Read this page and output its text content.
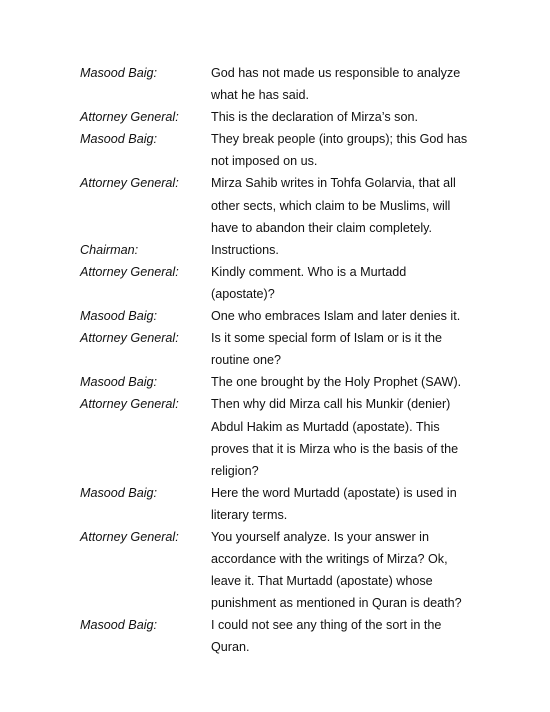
Masood Baig:	God has not made us responsible to analyze
what he has said.
Attorney General:	This is the declaration of Mirza’s son.
Masood Baig:	They break people (into groups); this God has
not imposed on us.
Attorney General:	Mirza Sahib writes in Tohfa Golarvia, that all
other sects, which claim to be Muslims, will
have to abandon their claim completely.
Chairman:	Instructions.
Attorney General:	Kindly comment. Who is a Murtadd
(apostate)?
Masood Baig:	One who embraces Islam and later denies it.
Attorney General:	Is it some special form of Islam or is it the
routine one?
Masood Baig:	The one brought by the Holy Prophet (SAW).
Attorney General:	Then why did Mirza call his Munkir (denier)
Abdul Hakim as Murtadd (apostate). This
proves that it is Mirza who is the basis of the
religion?
Masood Baig:	Here the word Murtadd (apostate) is used in
literary terms.
Attorney General:	You yourself analyze. Is your answer in
accordance with the writings of Mirza? Ok,
leave it. That Murtadd (apostate) whose
punishment as mentioned in Quran is death?
Masood Baig:	I could not see any thing of the sort in the
Quran.
